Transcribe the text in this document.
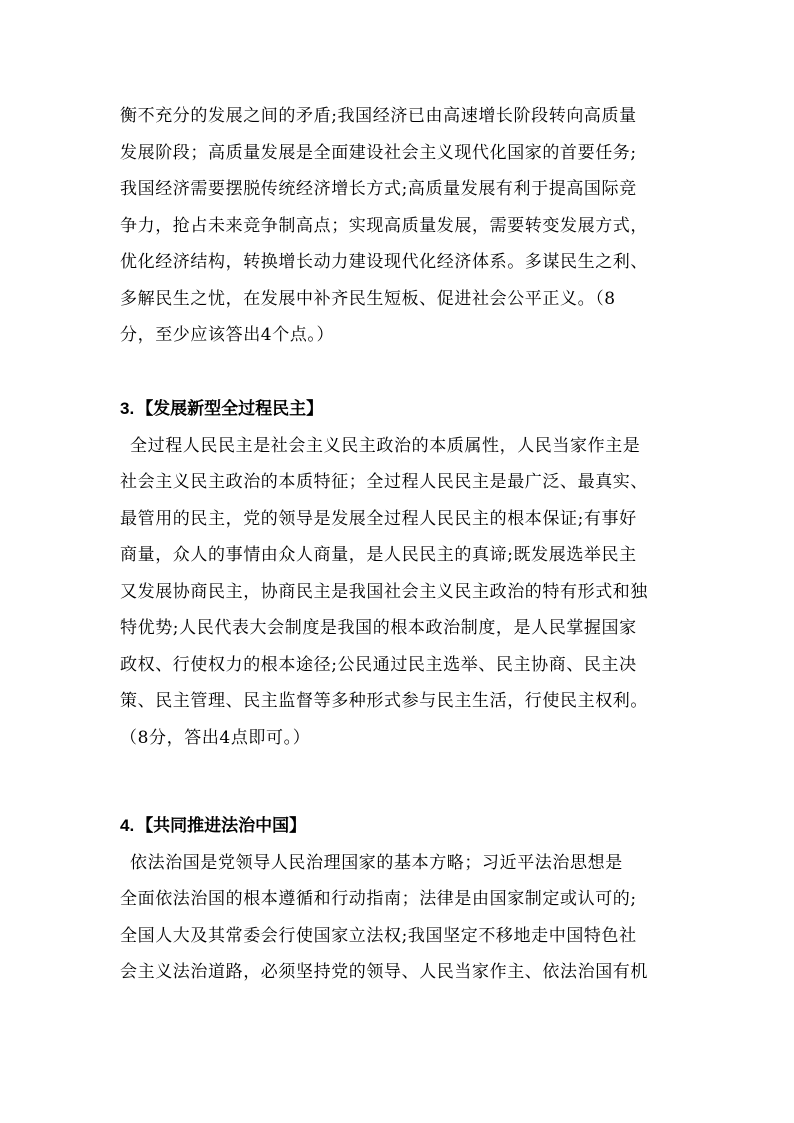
衡不充分的发展之间的矛盾;我国经济已由高速增长阶段转向高质量
发展阶段；高质量发展是全面建设社会主义现代化国家的首要任务;
我国经济需要摆脱传统经济增长方式;高质量发展有利于提高国际竞
争力，抢占未来竞争制高点；实现高质量发展，需要转变发展方式，
优化经济结构，转换增长动力建设现代化经济体系。多谋民生之利、
多解民生之忧，在发展中补齐民生短板、促进社会公平正义。（8
分，至少应该答出4个点。）
3. 【发展新型全过程民主】
全过程人民民主是社会主义民主政治的本质属性，人民当家作主是
社会主义民主政治的本质特征；全过程人民民主是最广泛、最真实、
最管用的民主，党的领导是发展全过程人民民主的根本保证;有事好
商量，众人的事情由众人商量，是人民民主的真谛;既发展选举民主
又发展协商民主，协商民主是我国社会主义民主政治的特有形式和独
特优势;人民代表大会制度是我国的根本政治制度，是人民掌握国家
政权、行使权力的根本途径;公民通过民主选举、民主协商、民主决
策、民主管理、民主监督等多种形式参与民主生活，行使民主权利。
（8分，答出4点即可。）
4. 【共同推进法治中国】
依法治国是党领导人民治理国家的基本方略；习近平法治思想是
全面依法治国的根本遵循和行动指南；法律是由国家制定或认可的;
全国人大及其常委会行使国家立法权;我国坚定不移地走中国特色社
会主义法治道路，必须坚持党的领导、人民当家作主、依法治国有机
